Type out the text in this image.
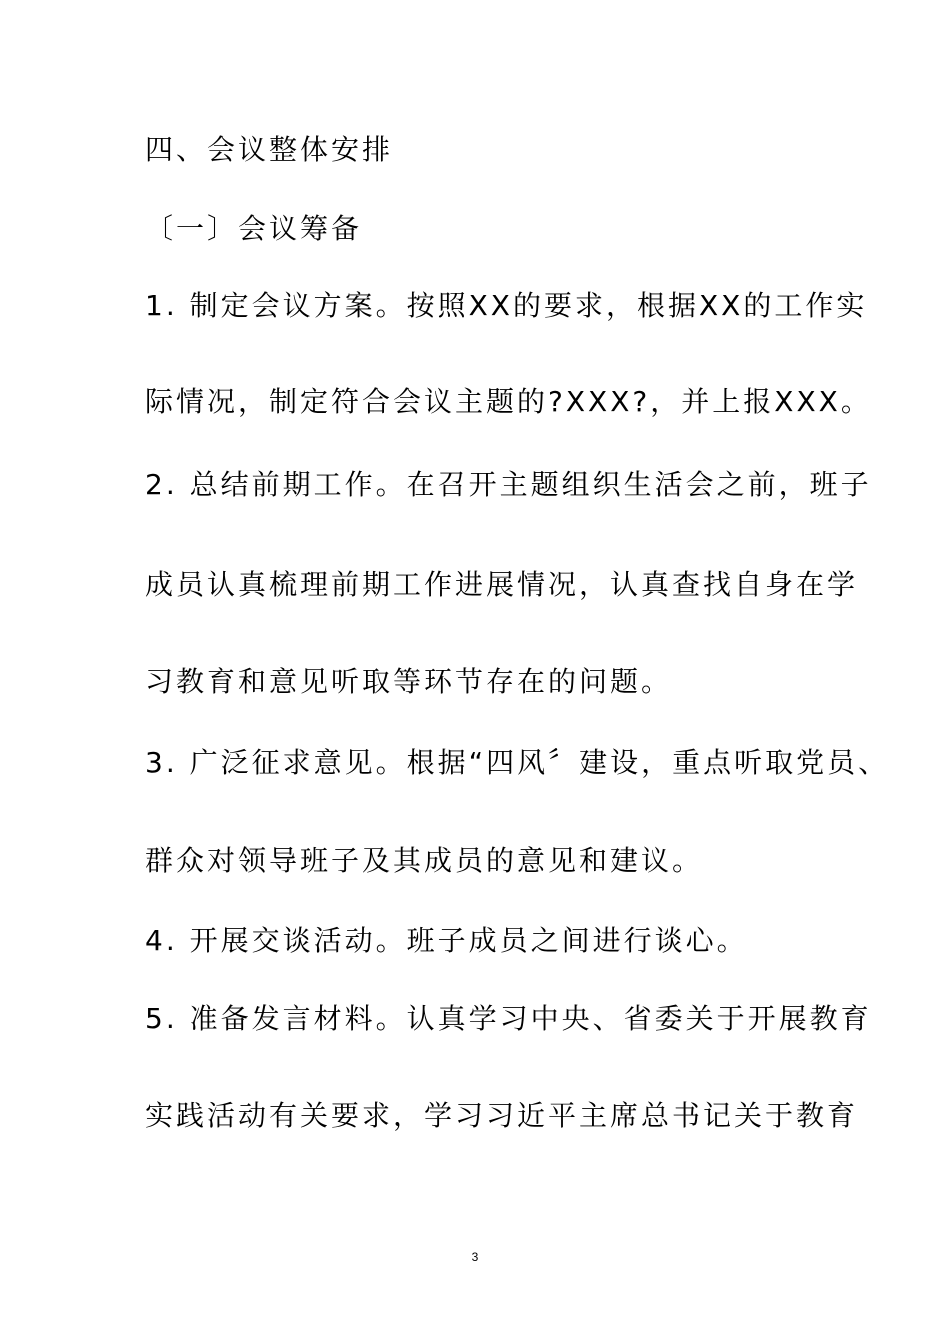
四、会议整体安排
〔一〕会议筹备
1. 制定会议方案。按照XX的要求，根据XX的工作实
际情况，制定符合会议主题的?XXX?，并上报XXX。
2. 总结前期工作。在召开主题组织生活会之前，班子
成员认真梳理前期工作进展情况，认真查找自身在学
习教育和意见听取等环节存在的问题。
3. 广泛征求意见。根据“四风〞建设，重点听取党员、
群众对领导班子及其成员的意见和建议。
4. 开展交谈活动。班子成员之间进行谈心。
5. 准备发言材料。认真学习中央、省委关于开展教育
实践活动有关要求，学习习近平主席总书记关于教育
3
